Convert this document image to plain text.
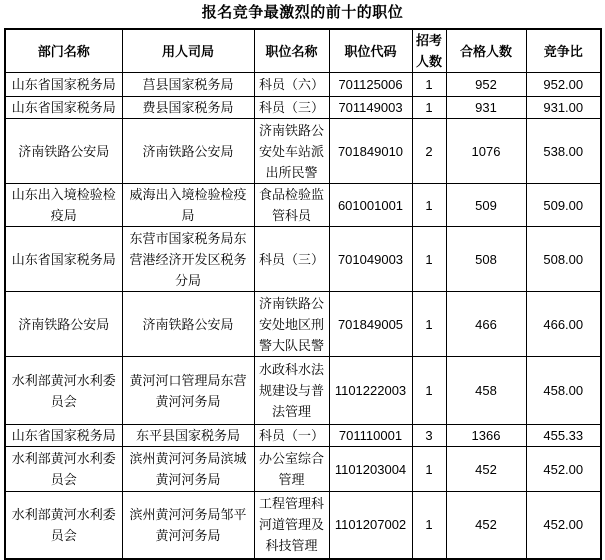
报名竞争最激烈的前十的职位
部门名称	用人司局	职位名称	职位代码	招考人数	合格人数	竞争比
山东省国家税务局	莒县国家税务局	科员（六）	701125006	1	952	952.00
山东省国家税务局	费县国家税务局	科员（三）	701149003	1	931	931.00
济南铁路公安局	济南铁路公安局	济南铁路公安处车站派出所民警	701849010	2	1076	538.00
山东出入境检验检疫局	威海出入境检验检疫局	食品检验监管科员	601001001	1	509	509.00
山东省国家税务局	东营市国家税务局东营港经济开发区税务分局	科员（三）	701049003	1	508	508.00
济南铁路公安局	济南铁路公安局	济南铁路公安处地区刑警大队民警	701849005	1	466	466.00
水利部黄河水利委员会	黄河河口管理局东营黄河河务局	水政科水法规建设与普法管理	1101222003	1	458	458.00
山东省国家税务局	东平县国家税务局	科员（一）	701110001	3	1366	455.33
水利部黄河水利委员会	滨州黄河河务局滨城黄河河务局	办公室综合管理	1101203004	1	452	452.00
水利部黄河水利委员会	滨州黄河河务局邹平黄河河务局	工程管理科河道管理及科技管理	1101207002	1	452	452.00
